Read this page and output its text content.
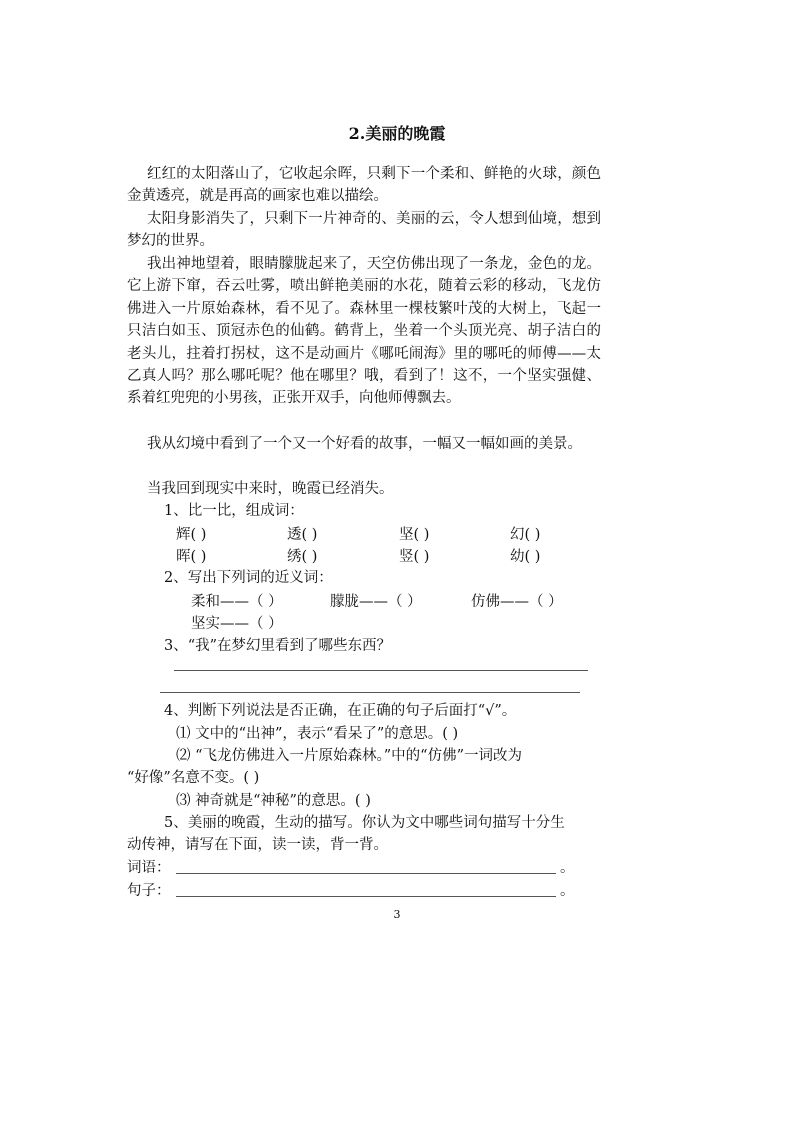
2.美丽的晚霞

红红的太阳落山了，它收起余晖，只剩下一个柔和、鲜艳的火球，颜色金黄透亮，就是再高的画家也难以描绘。

太阳身影消失了，只剩下一片神奇的、美丽的云，令人想到仙境，想到梦幻的世界。

我出神地望着，眼睛朦胧起来了，天空仿佛出现了一条龙，金色的龙。它上游下窜，吞云吐雾，喷出鲜艳美丽的水花，随着云彩的移动，飞龙仿佛进入一片原始森林，看不见了。森林里一棵枝繁叶茂的大树上，飞起一只洁白如玉、顶冠赤色的仙鹤。鹤背上，坐着一个头顶光亮、胡子洁白的老头儿，拄着打拐杖，这不是动画片《哪吒闹海》里的哪吒的师傅——太乙真人吗？那么哪吒呢？他在哪里？哦，看到了！这不，一个坚实强健、系着红兜兜的小男孩，正张开双手，向他师傅飘去。

我从幻境中看到了一个又一个好看的故事，一幅又一幅如画的美景。

当我回到现实中来时，晚霞已经消失。

1、比一比，组成词：
辉( )	透( )	坚( )	幻( )
晖( )	绣( )	竖( )	幼( )
2、写出下列词的近义词：
柔和——（ ）	朦胧——（ ）	仿佛——（ ）
坚实——（ ）
3、“我”在梦幻里看到了哪些东西？
4、判断下列说法是否正确，在正确的句子后面打“√”。
⑴ 文中的“出神”，表示“看呆了”的意思。( )
⑵ “飞龙仿佛进入一片原始森林。”中的“仿佛”一词改为
“好像”名意不变。( )
⑶ 神奇就是“神秘”的意思。( )
5、美丽的晚霞，生动的描写。你认为文中哪些词句描写十分生
动传神，请写在下面，读一读，背一背。
词语：	。
句子：	。
3
